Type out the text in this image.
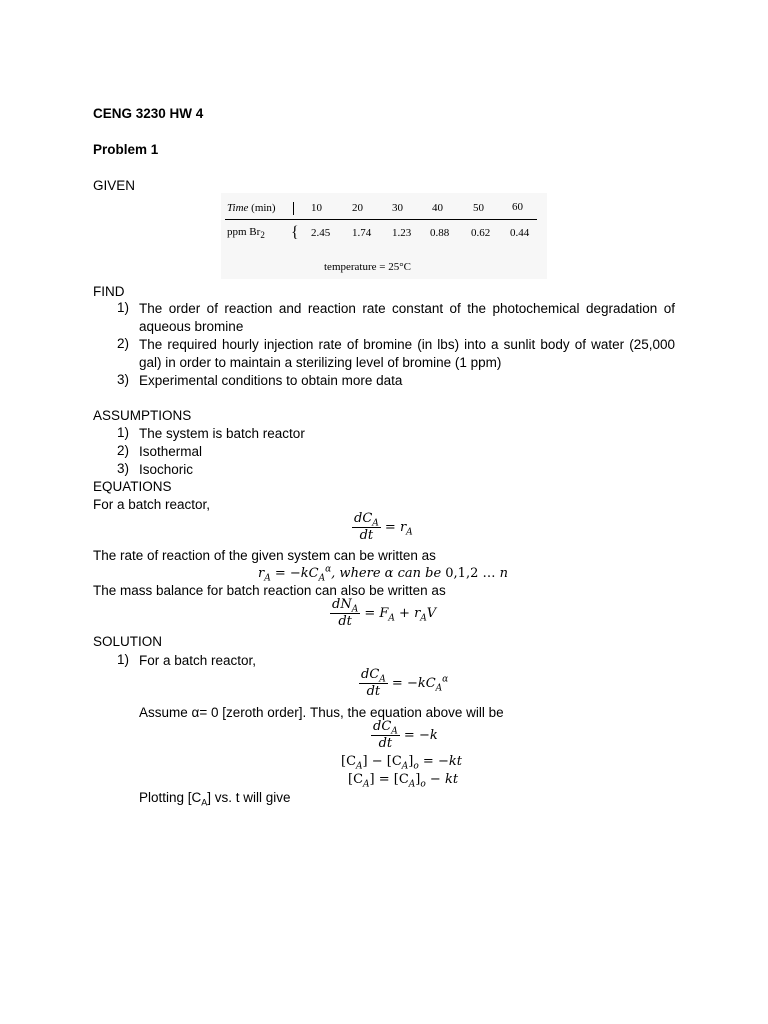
CENG 3230 HW 4
Problem 1
GIVEN
Time (min)	10	20	30	40	50	60
ppm $Br_2$ { 2.45 1.74 1.23 0.88 0.62 0.44
temperature = 25°C
FIND
1) The order of reaction and reaction rate constant of the photochemical degradation of aqueous bromine
2) The required hourly injection rate of bromine (in lbs) into a sunlit body of water (25,000 gal) in order to maintain a sterilizing level of bromine (1 ppm)
3) Experimental conditions to obtain more data
ASSUMPTIONS
1) The system is batch reactor
2) Isothermal
3) Isochoric
EQUATIONS
For a batch reactor,
$\frac{dC_A}{dt} = r_A$
The rate of reaction of the given system can be written as
$r_A = -kC_A^\alpha$, where α can be 0,1,2 … n
The mass balance for batch reaction can also be written as
$\frac{dN_A}{dt} = F_A + r_AV$
SOLUTION
1) For a batch reactor,
$\frac{dC_A}{dt} = -kC_A^\alpha$
Assume α= 0 [zeroth order]. Thus, the equation above will be
$\frac{dC_A}{dt} = -k$
$[C_A] - [C_A]_o = -kt$
$[C_A] = [C_A]_o$ − kt
Plotting $[C_A]$ vs. t will give
